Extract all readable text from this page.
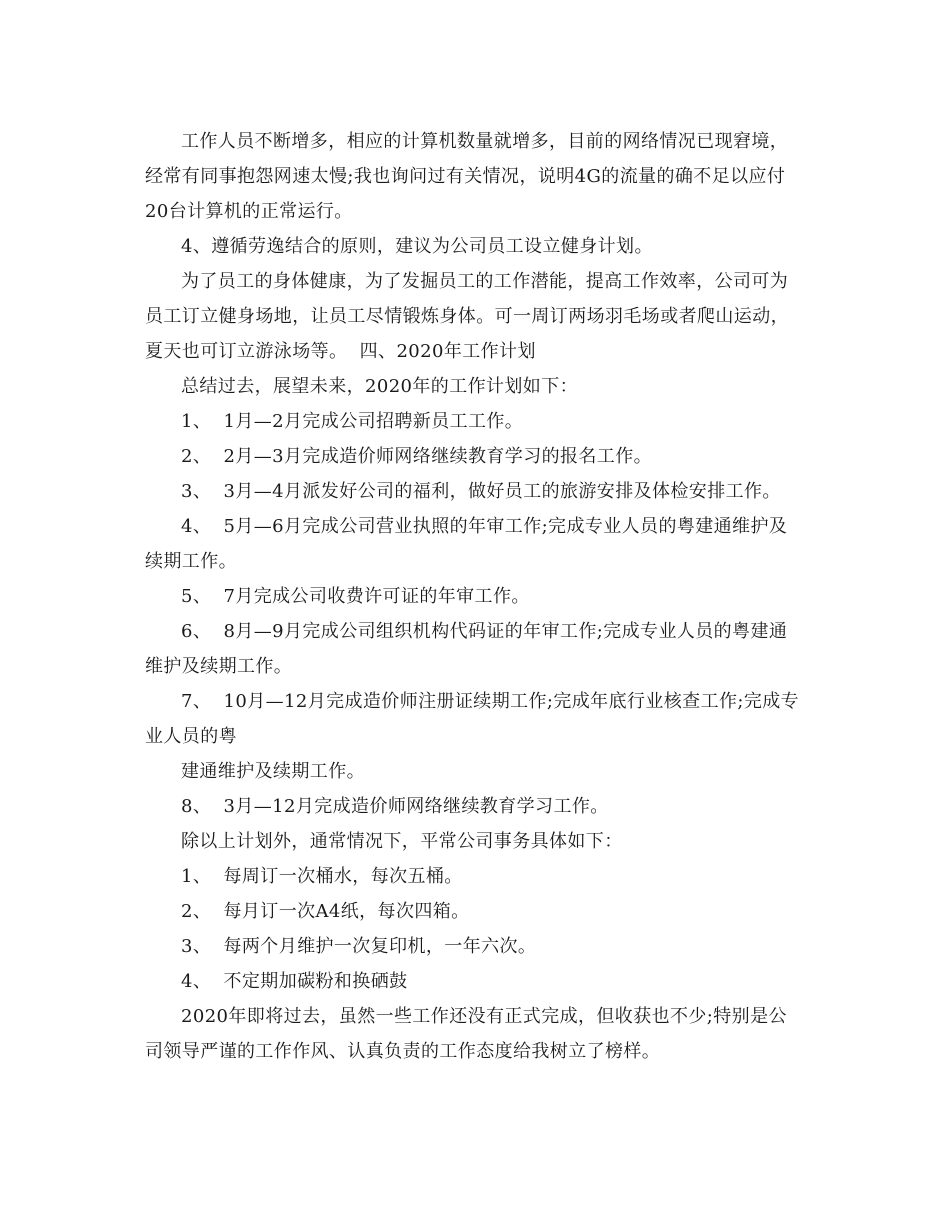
工作人员不断增多，相应的计算机数量就增多，目前的网络情况已现窘境，
经常有同事抱怨网速太慢;我也询问过有关情况，说明4G的流量的确不足以应付
20台计算机的正常运行。
4、遵循劳逸结合的原则，建议为公司员工设立健身计划。
为了员工的身体健康，为了发掘员工的工作潜能，提高工作效率，公司可为
员工订立健身场地，让员工尽情锻炼身体。可一周订两场羽毛场或者爬山运动，
夏天也可订立游泳场等。  四、2020年工作计划
总结过去，展望未来，2020年的工作计划如下：
1、  1月—2月完成公司招聘新员工工作。
2、  2月—3月完成造价师网络继续教育学习的报名工作。
3、  3月—4月派发好公司的福利，做好员工的旅游安排及体检安排工作。
4、  5月—6月完成公司营业执照的年审工作;完成专业人员的粤建通维护及
续期工作。
5、  7月完成公司收费许可证的年审工作。
6、  8月—9月完成公司组织机构代码证的年审工作;完成专业人员的粤建通
维护及续期工作。
7、  10月—12月完成造价师注册证续期工作;完成年底行业核查工作;完成专
业人员的粤
建通维护及续期工作。
8、  3月—12月完成造价师网络继续教育学习工作。
除以上计划外，通常情况下，平常公司事务具体如下：
1、  每周订一次桶水，每次五桶。
2、  每月订一次A4纸，每次四箱。
3、  每两个月维护一次复印机，一年六次。
4、  不定期加碳粉和换硒鼓
2020年即将过去，虽然一些工作还没有正式完成，但收获也不少;特别是公
司领导严谨的工作作风、认真负责的工作态度给我树立了榜样。
